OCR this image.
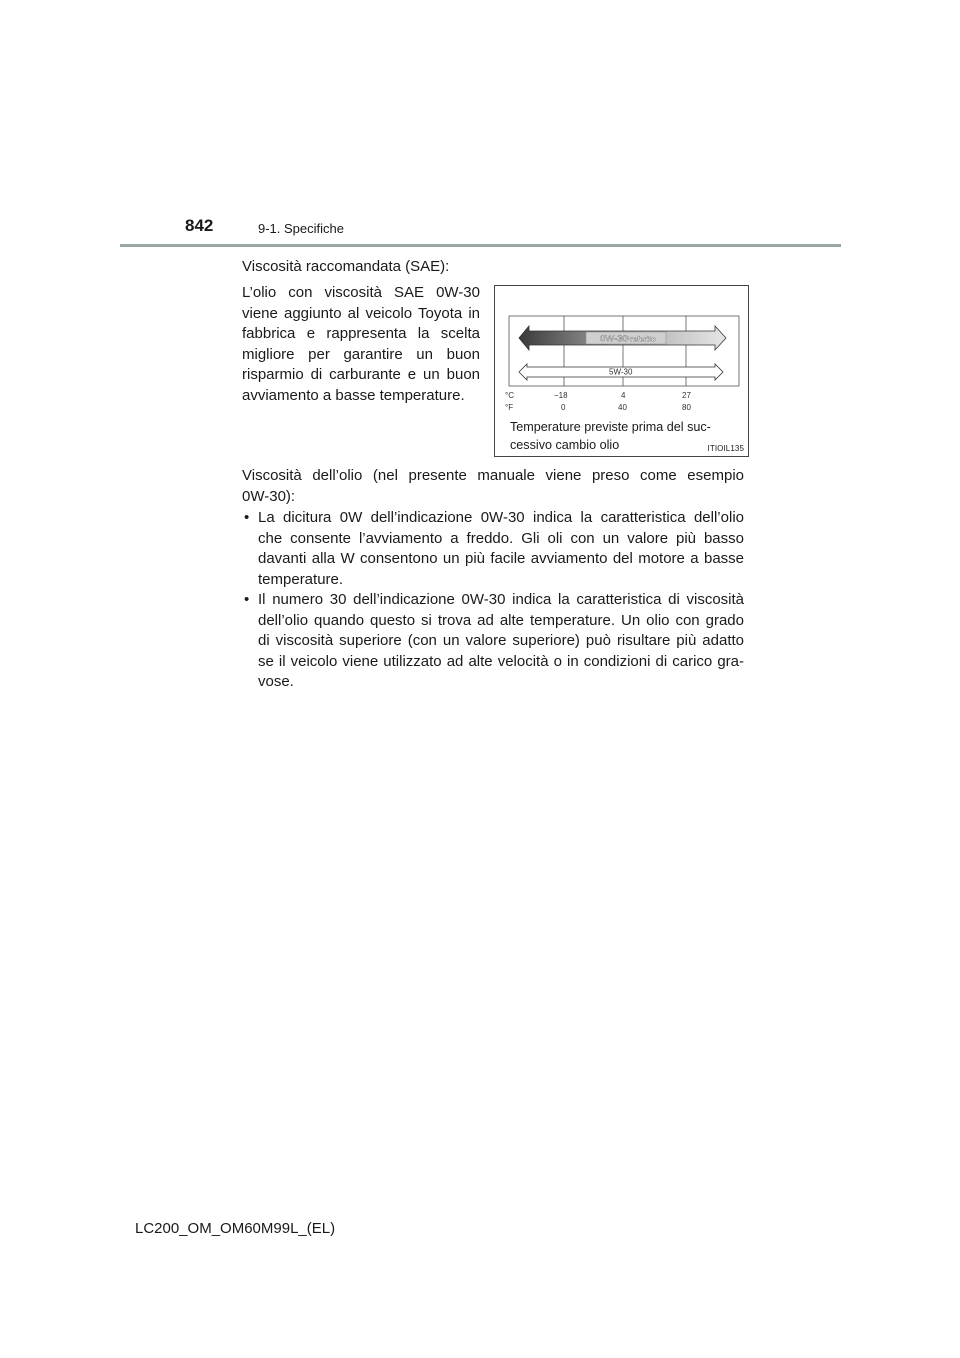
842	9-1. Specifiche
Viscosità raccomandata (SAE):
L’olio con viscosità SAE 0W-30
viene aggiunto al veicolo Toyota in
fabbrica e rappresenta la scelta
migliore per garantire un buon
risparmio di carburante e un buon
avviamento a basse temperature.
0W-30
Preferito
5W-30
°C
°F
−18	4	27
0	40	80
Temperature previste prima del suc-
cessivo cambio olio	ITIOIL135
Viscosità dell’olio (nel presente manuale viene preso come esempio
0W-30):
• La dicitura 0W dell’indicazione 0W-30 indica la caratteristica dell’olio
che consente l’avviamento a freddo. Gli oli con un valore più basso
davanti alla W consentono un più facile avviamento del motore a basse
temperature.
• Il numero 30 dell’indicazione 0W-30 indica la caratteristica di viscosità
dell’olio quando questo si trova ad alte temperature. Un olio con grado
di viscosità superiore (con un valore superiore) può risultare più adatto
se il veicolo viene utilizzato ad alte velocità o in condizioni di carico gra-
vose.
LC200_OM_OM60M99L_(EL)
